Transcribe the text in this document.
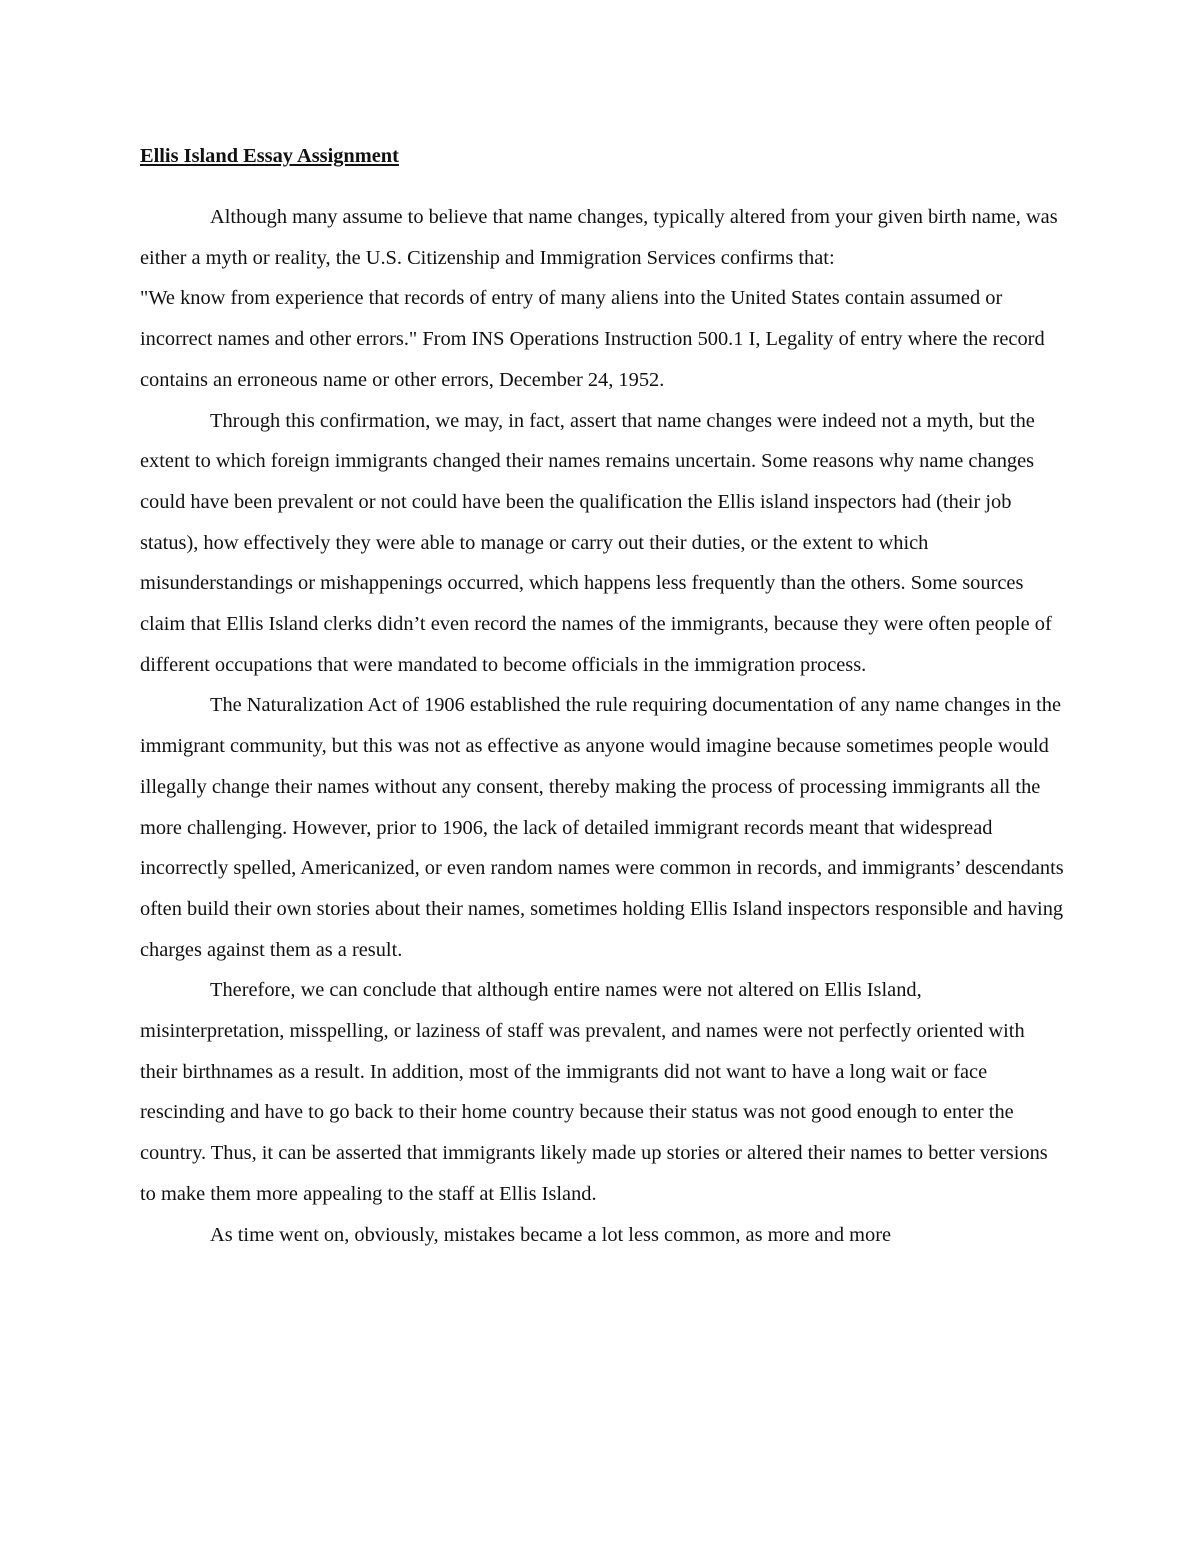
Ellis Island Essay Assignment

Although many assume to believe that name changes, typically altered from your given birth name, was either a myth or reality, the U.S. Citizenship and Immigration Services confirms that:

"We know from experience that records of entry of many aliens into the United States contain assumed or incorrect names and other errors." From INS Operations Instruction 500.1 I, Legality of entry where the record contains an erroneous name or other errors, December 24, 1952.

Through this confirmation, we may, in fact, assert that name changes were indeed not a myth, but the extent to which foreign immigrants changed their names remains uncertain. Some reasons why name changes could have been prevalent or not could have been the qualification the Ellis island inspectors had (their job status), how effectively they were able to manage or carry out their duties, or the extent to which misunderstandings or mishappenings occurred, which happens less frequently than the others. Some sources claim that Ellis Island clerks didn’t even record the names of the immigrants, because they were often people of different occupations that were mandated to become officials in the immigration process.

The Naturalization Act of 1906 established the rule requiring documentation of any name changes in the immigrant community, but this was not as effective as anyone would imagine because sometimes people would illegally change their names without any consent, thereby making the process of processing immigrants all the more challenging. However, prior to 1906, the lack of detailed immigrant records meant that widespread incorrectly spelled, Americanized, or even random names were common in records, and immigrants’ descendants often build their own stories about their names, sometimes holding Ellis Island inspectors responsible and having charges against them as a result.

Therefore, we can conclude that although entire names were not altered on Ellis Island, misinterpretation, misspelling, or laziness of staff was prevalent, and names were not perfectly oriented with their birthnames as a result. In addition, most of the immigrants did not want to have a long wait or face rescinding and have to go back to their home country because their status was not good enough to enter the country. Thus, it can be asserted that immigrants likely made up stories or altered their names to better versions to make them more appealing to the staff at Ellis Island.

As time went on, obviously, mistakes became a lot less common, as more and more
